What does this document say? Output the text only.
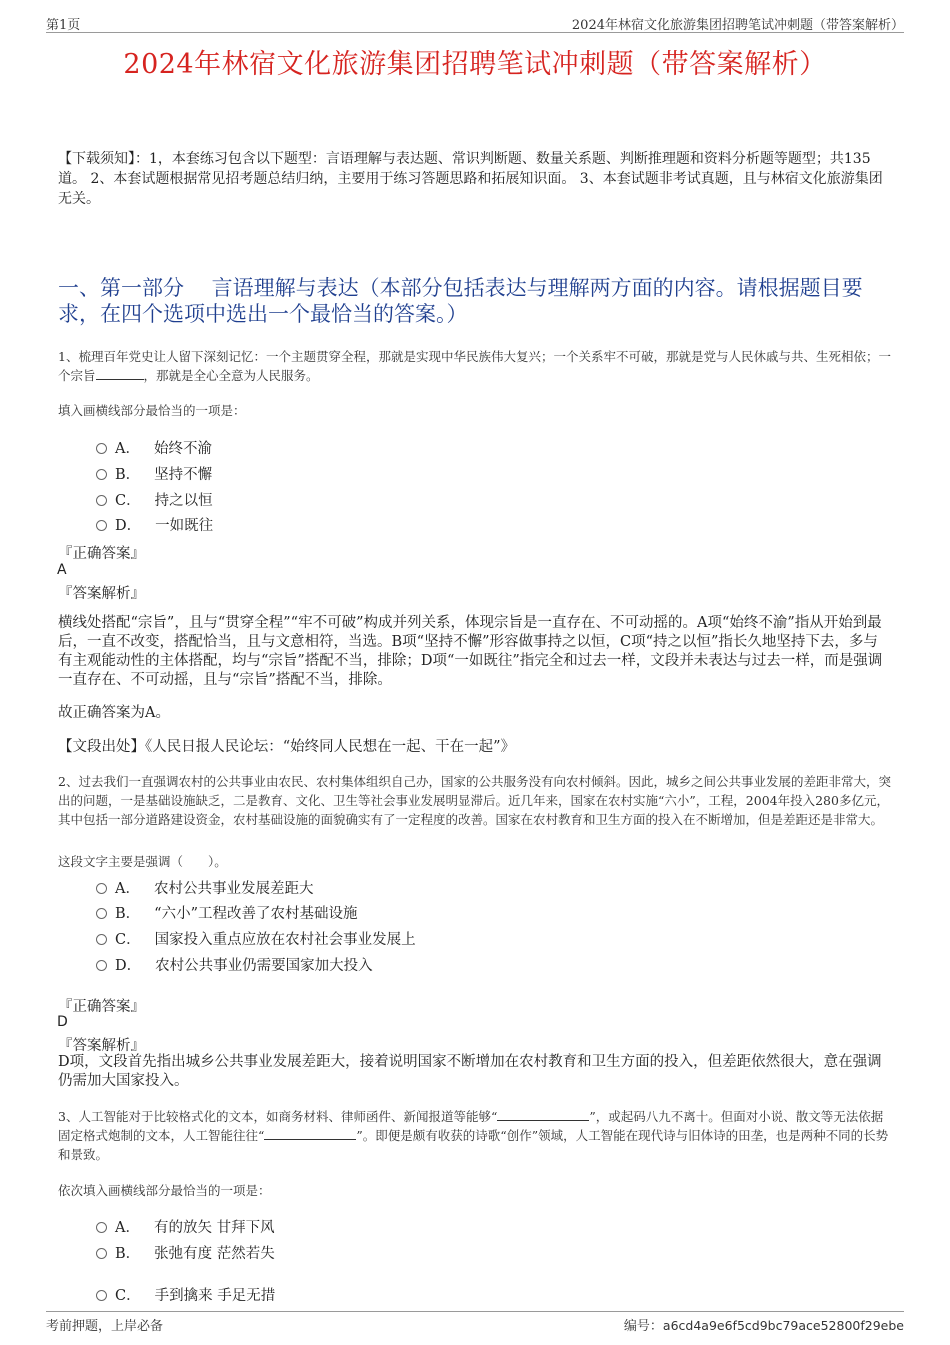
第1页	2024年林宿文化旅游集团招聘笔试冲刺题（带答案解析）
2024年林宿文化旅游集团招聘笔试冲刺题（带答案解析）
【下载须知】：1，本套练习包含以下题型：言语理解与表达题、常识判断题、数量关系题、判断推理题和资料分析题等题型；共135道。 2、本套试题根据常见招考题总结归纳，主要用于练习答题思路和拓展知识面。 3、本套试题非考试真题，且与林宿文化旅游集团无关。
一、第一部分　 言语理解与表达（本部分包括表达与理解两方面的内容。请根据题目要求，在四个选项中选出一个最恰当的答案。）
1、梳理百年党史让人留下深刻记忆：一个主题贯穿全程，那就是实现中华民族伟大复兴；一个关系牢不可破，那就是党与人民休戚与共、生死相依；一个宗旨	，那就是全心全意为人民服务。
填入画横线部分最恰当的一项是：
A． 始终不渝
B． 坚持不懈
C． 持之以恒
D． 一如既往
『正确答案』
A
『答案解析』
横线处搭配“宗旨”，且与“贯穿全程”“牢不可破”构成并列关系，体现宗旨是一直存在、不可动摇的。A项“始终不渝”指从开始到最后，一直不改变，搭配恰当，且与文意相符，当选。B项“坚持不懈”形容做事持之以恒，C项“持之以恒”指长久地坚持下去，多与有主观能动性的主体搭配，均与“宗旨”搭配不当，排除；D项“一如既往”指完全和过去一样，文段并未表达与过去一样，而是强调一直存在、不可动摇，且与“宗旨”搭配不当，排除。
故正确答案为A。
【文段出处】《人民日报人民论坛：“始终同人民想在一起、干在一起”》
2、过去我们一直强调农村的公共事业由农民、农村集体组织自己办，国家的公共服务没有向农村倾斜。因此，城乡之间公共事业发展的差距非常大，突出的问题，一是基础设施缺乏，二是教育、文化、卫生等社会事业发展明显滞后。近几年来，国家在农村实施“六小”，工程，2004年投入280多亿元，其中包括一部分道路建设资金，农村基础设施的面貌确实有了一定程度的改善。国家在农村教育和卫生方面的投入在不断增加，但是差距还是非常大。
这段文字主要是强调（　　）。
A． 农村公共事业发展差距大
B． “六小”工程改善了农村基础设施
C． 国家投入重点应放在农村社会事业发展上
D． 农村公共事业仍需要国家加大投入
『正确答案』
D
『答案解析』
D项，文段首先指出城乡公共事业发展差距大，接着说明国家不断增加在农村教育和卫生方面的投入，但差距依然很大，意在强调仍需加大国家投入。
3、人工智能对于比较格式化的文本，如商务材料、律师函件、新闻报道等能够“	”，或起码八九不离十。但面对小说、散文等无法依据固定格式炮制的文本，人工智能往往“	”。即便是颇有收获的诗歌“创作”领域，人工智能在现代诗与旧体诗的田垄，也是两种不同的长势和景致。
依次填入画横线部分最恰当的一项是：
A． 有的放矢 甘拜下风
B． 张弛有度 茫然若失
C． 手到擒来 手足无措
考前押题，上岸必备	编号：a6cd4a9e6f5cd9bc79ace52800f29ebe
